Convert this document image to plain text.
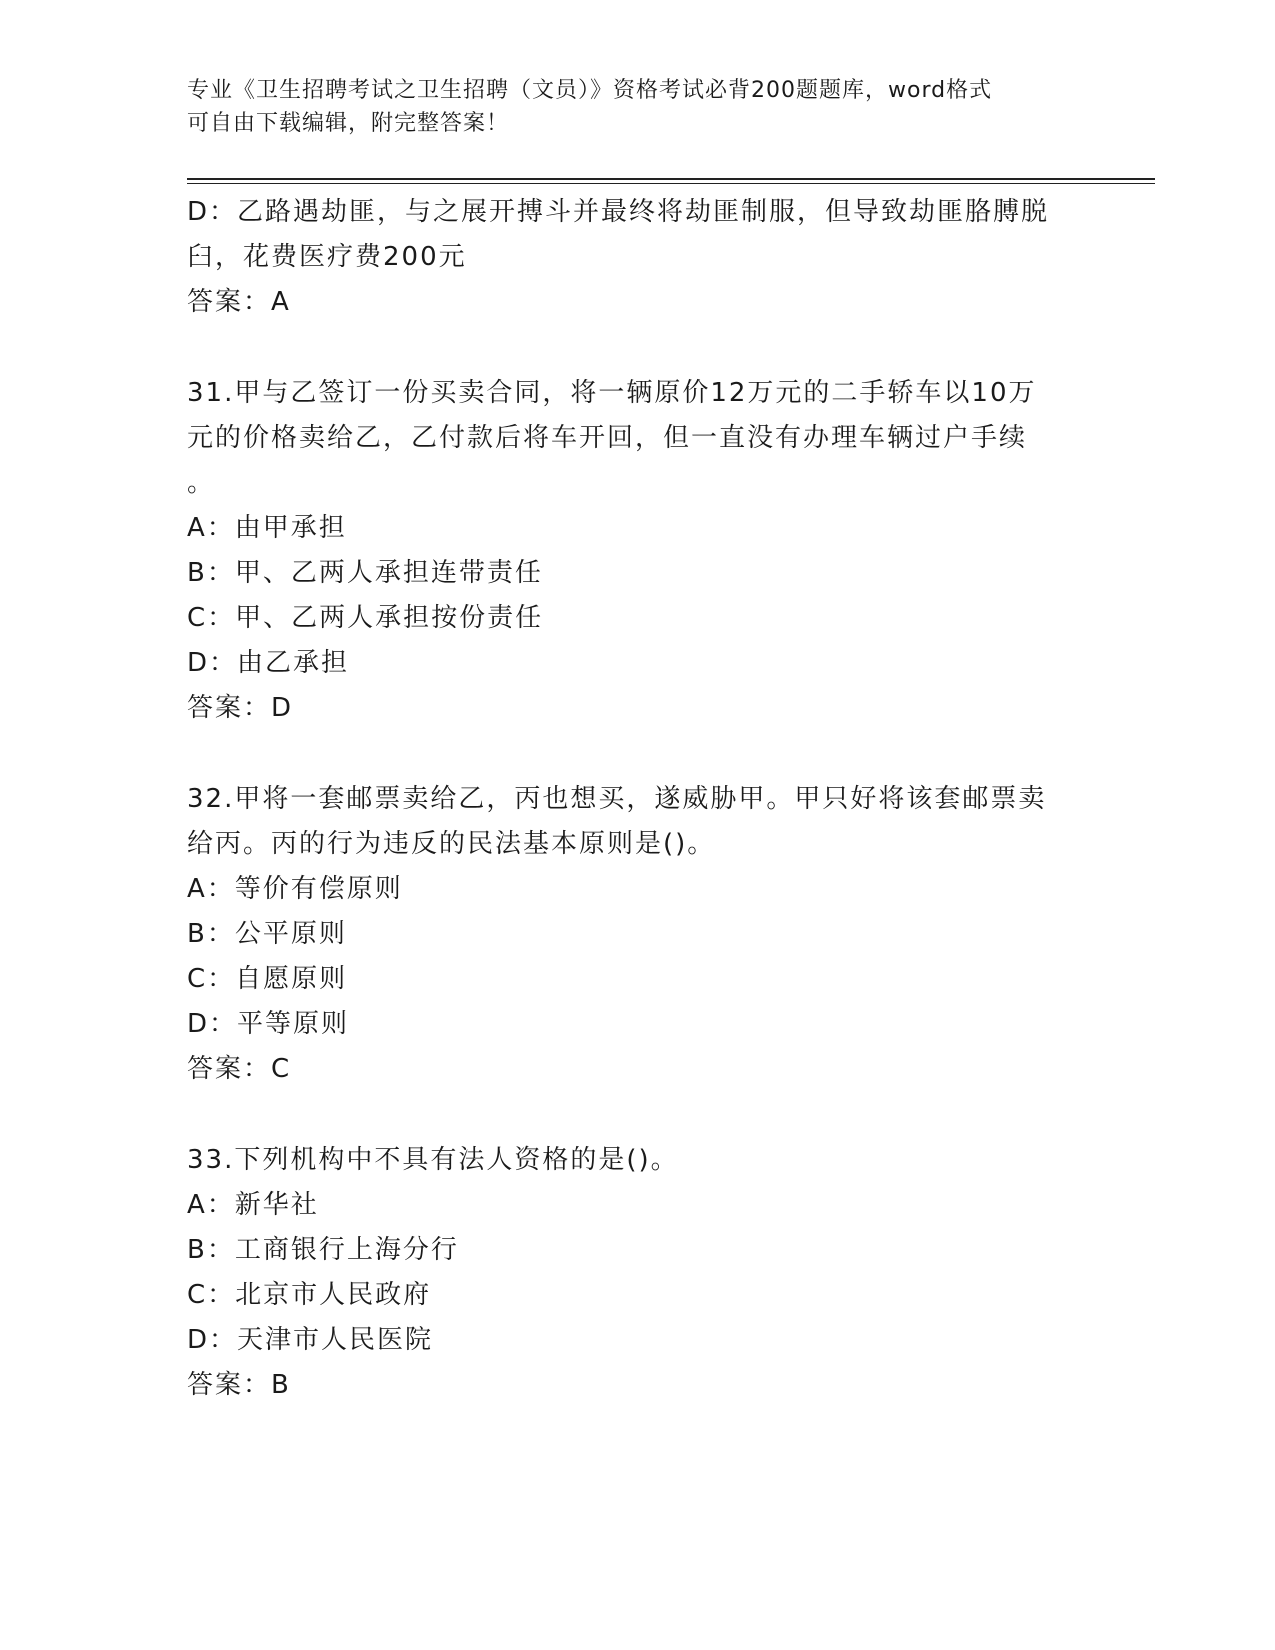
专业《卫生招聘考试之卫生招聘（文员）》资格考试必背200题题库，word格式
可自由下载编辑，附完整答案！
D：乙路遇劫匪，与之展开搏斗并最终将劫匪制服，但导致劫匪胳膊脱
臼，花费医疗费200元
答案：A
31.甲与乙签订一份买卖合同，将一辆原价12万元的二手轿车以10万
元的价格卖给乙，乙付款后将车开回，但一直没有办理车辆过户手续
。
A：由甲承担
B：甲、乙两人承担连带责任
C：甲、乙两人承担按份责任
D：由乙承担
答案：D
32.甲将一套邮票卖给乙，丙也想买，遂威胁甲。甲只好将该套邮票卖
给丙。丙的行为违反的民法基本原则是()。
A：等价有偿原则
B：公平原则
C：自愿原则
D：平等原则
答案：C
33.下列机构中不具有法人资格的是()。
A：新华社
B：工商银行上海分行
C：北京市人民政府
D：天津市人民医院
答案：B
